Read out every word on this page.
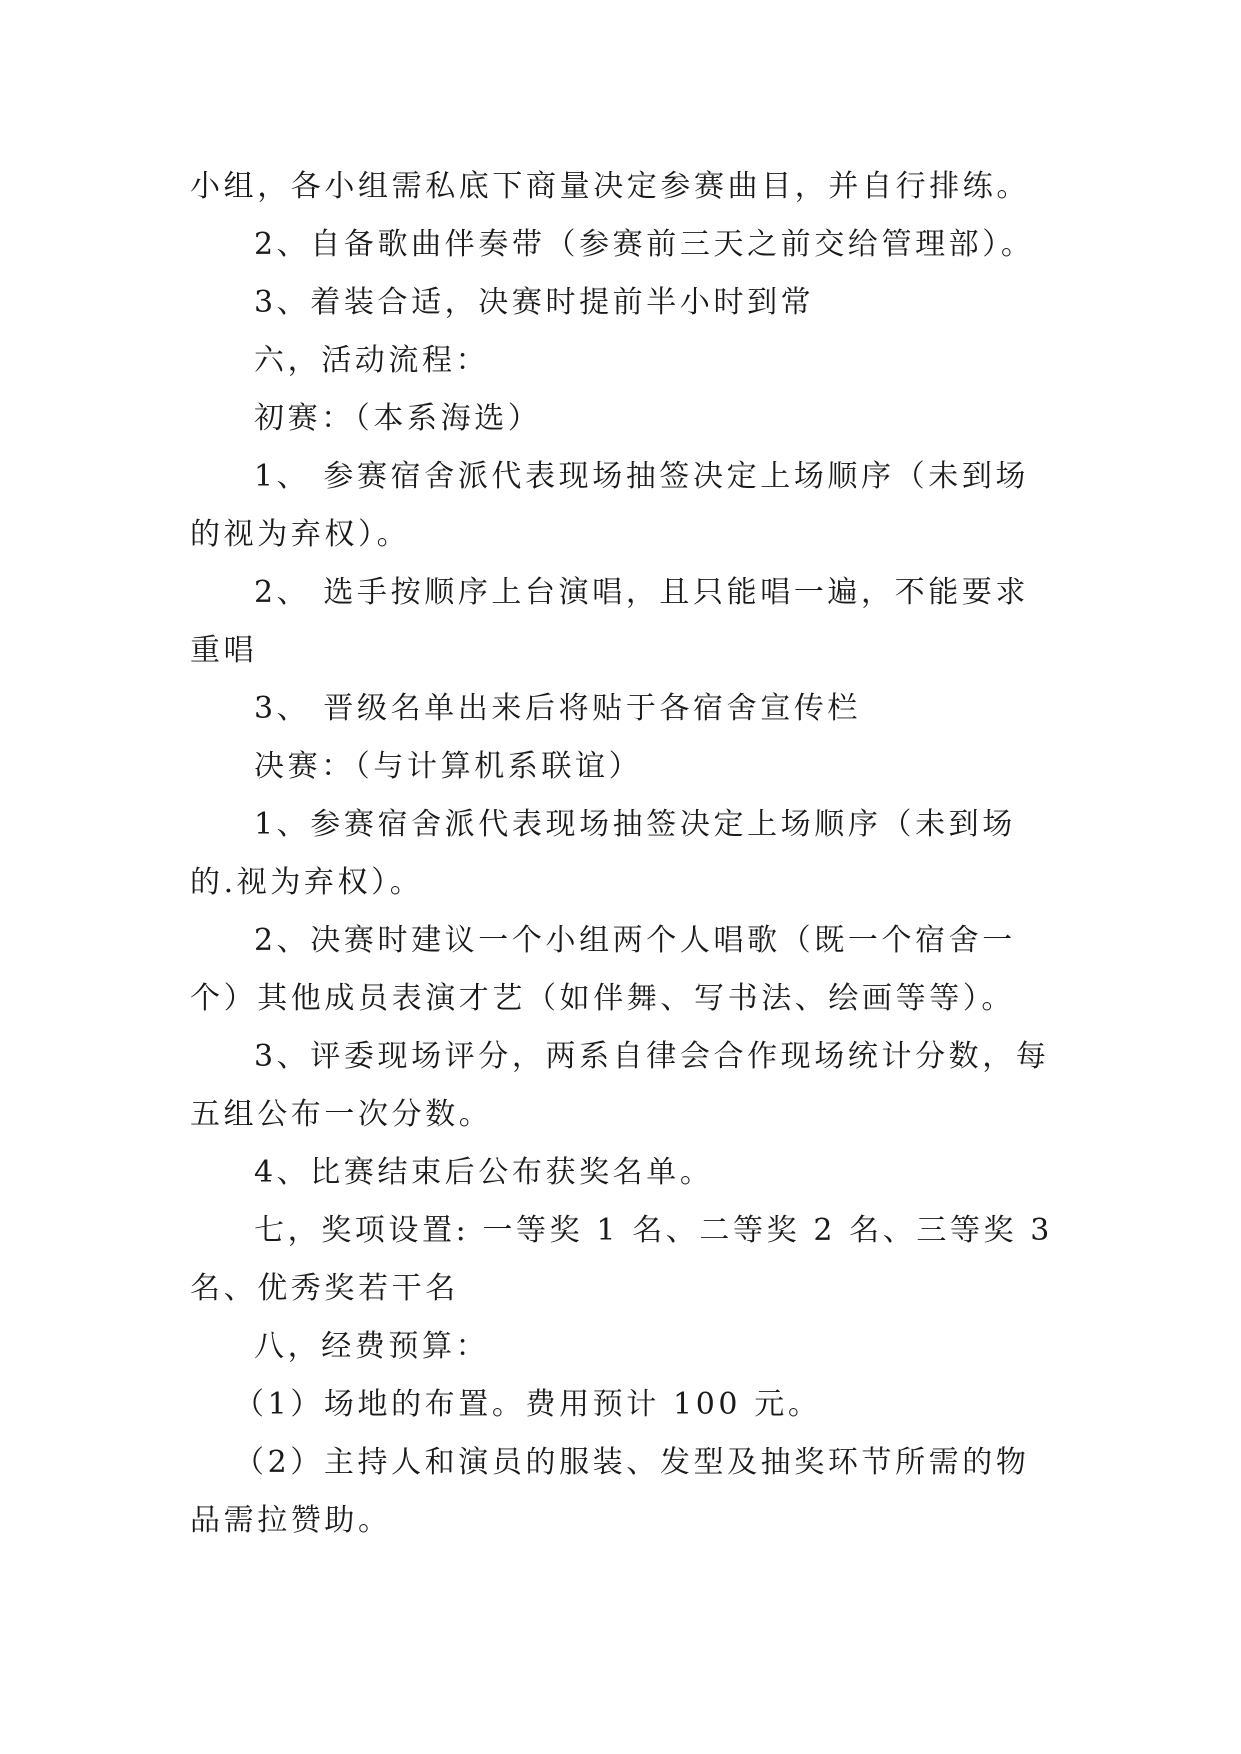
小组，各小组需私底下商量决定参赛曲目，并自行排练。

2、自备歌曲伴奏带（参赛前三天之前交给管理部）。

3、着装合适，决赛时提前半小时到常

六，活动流程：

初赛：（本系海选）

1、 参赛宿舍派代表现场抽签决定上场顺序（未到场的视为弃权）。

2、 选手按顺序上台演唱，且只能唱一遍，不能要求重唱

3、 晋级名单出来后将贴于各宿舍宣传栏

决赛：（与计算机系联谊）

1、参赛宿舍派代表现场抽签决定上场顺序（未到场的.视为弃权）。

2、决赛时建议一个小组两个人唱歌（既一个宿舍一个）其他成员表演才艺（如伴舞、写书法、绘画等等）。

3、评委现场评分，两系自律会合作现场统计分数，每五组公布一次分数。

4、比赛结束后公布获奖名单。

七，奖项设置: 一等奖 1 名、二等奖 2 名、三等奖 3 名、优秀奖若干名

八，经费预算：

（1）场地的布置。费用预计 100 元。

（2）主持人和演员的服装、发型及抽奖环节所需的物品需拉赞助。
